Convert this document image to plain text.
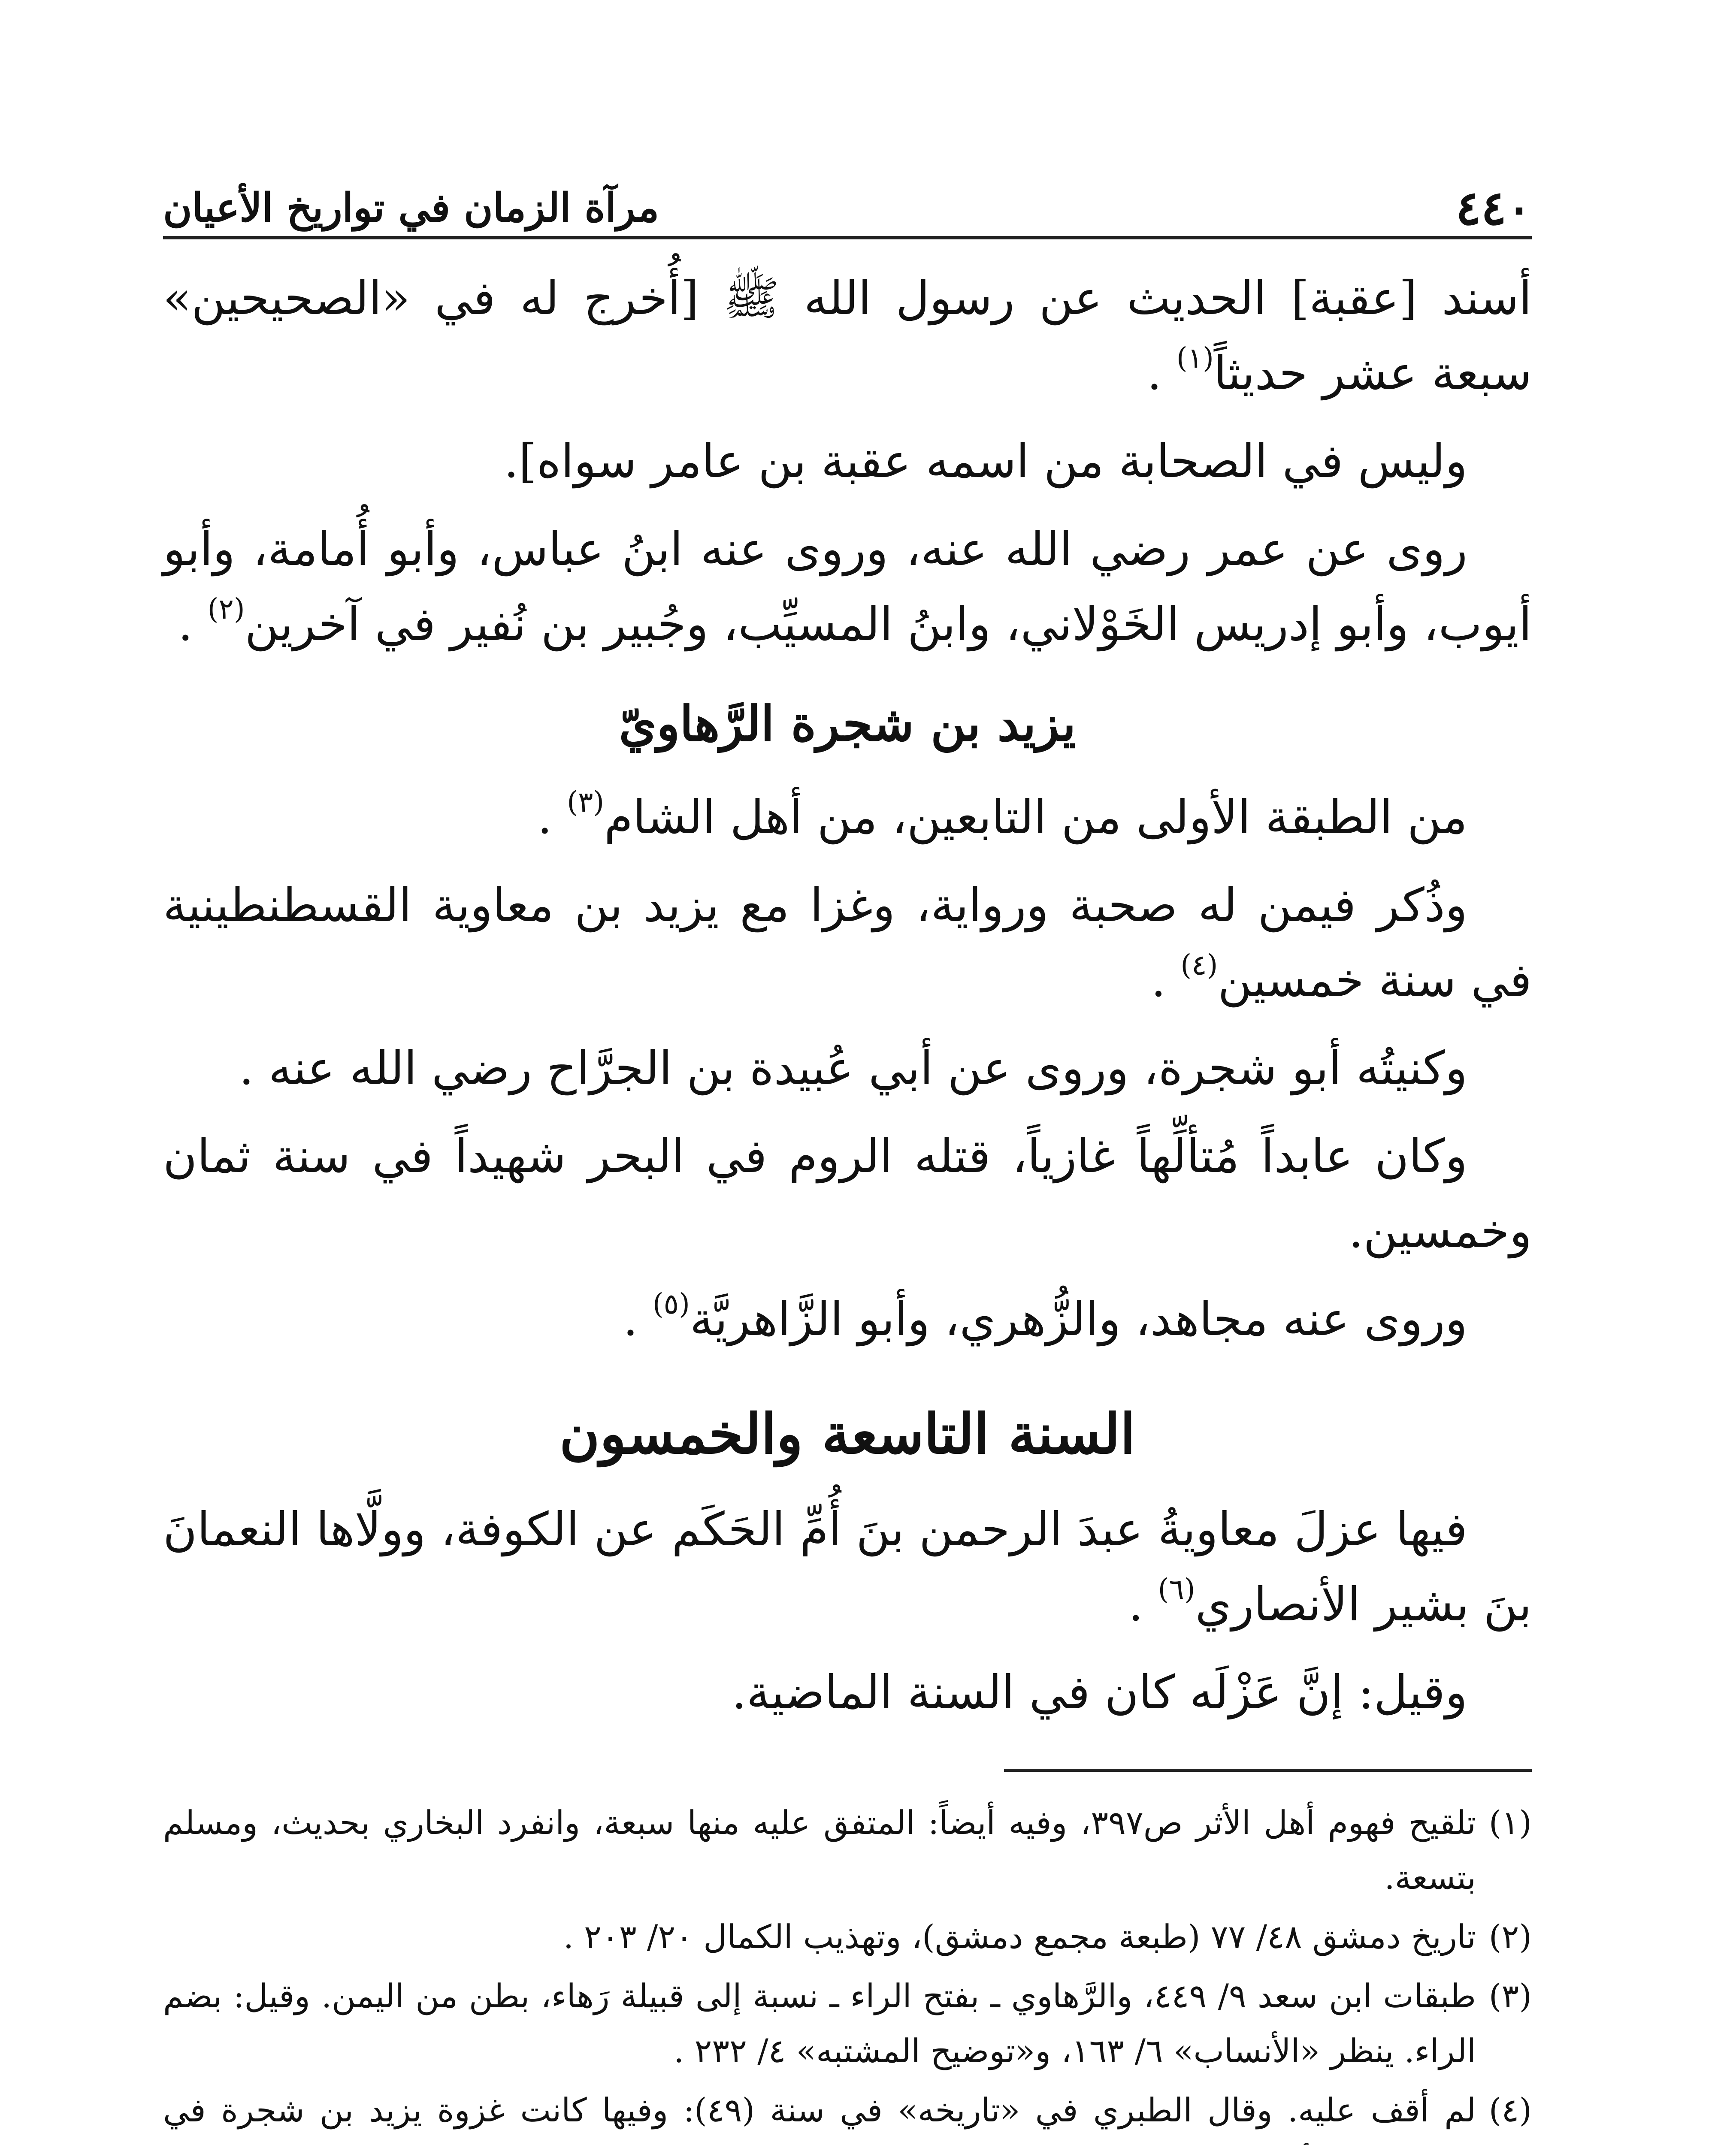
٤٤٠
مرآة الزمان في تواريخ الأعيان

أسند [عقبة] الحديث عن رسول الله ﷺ [أُخرج له في «الصحيحين» سبعة عشر حديثاً$^{(١)}$ .

وليس في الصحابة من اسمه عقبة بن عامر سواه].

روى عن عمر رضي الله عنه، وروى عنه ابنُ عباس، وأبو أُمامة، وأبو أيوب، وأبو إدريس الخَوْلاني، وابنُ المسيِّب، وجُبير بن نُفير في آخرين$^{(٢)}$ .

يزيد بن شجرة الرَّهاويّ

من الطبقة الأولى من التابعين، من أهل الشام$^{(٣)}$ .

وذُكر فيمن له صحبة ورواية، وغزا مع يزيد بن معاوية القسطنطينية في سنة خمسين$^{(٤)}$ .

وكنيتُه أبو شجرة، وروى عن أبي عُبيدة بن الجرَّاح رضي الله عنه .

وكان عابداً مُتألِّهاً غازياً، قتله الروم في البحر شهيداً في سنة ثمان وخمسين.

وروى عنه مجاهد، والزُّهري، وأبو الزَّاهريَّة$^{(٥)}$ .

السنة التاسعة والخمسون

فيها عزلَ معاويةُ عبدَ الرحمن بنَ أُمِّ الحَكَم عن الكوفة، وولَّاها النعمانَ بنَ بشير الأنصاري$^{(٦)}$ .

وقيل: إنَّ عَزْلَه كان في السنة الماضية.

(١)
تلقيح فهوم أهل الأثر ص٣٩٧، وفيه أيضاً: المتفق عليه منها سبعة، وانفرد البخاري بحديث، ومسلم بتسعة.
(٢)
تاريخ دمشق ٤٨/ ٧٧ (طبعة مجمع دمشق)، وتهذيب الكمال ٢٠/ ٢٠٣ .
(٣)
طبقات ابن سعد ٩/ ٤٤٩، والرَّهاوي ـ بفتح الراء ـ نسبة إلى قبيلة رَهاء، بطن من اليمن. وقيل: بضم الراء. ينظر «الأنساب» ٦/ ١٦٣، و«توضيح المشتبه» ٤/ ٢٣٢ .
(٤)
لم أقف عليه. وقال الطبري في «تاريخه» في سنة (٤٩): وفيها كانت غزوة يزيد بن شجرة في
